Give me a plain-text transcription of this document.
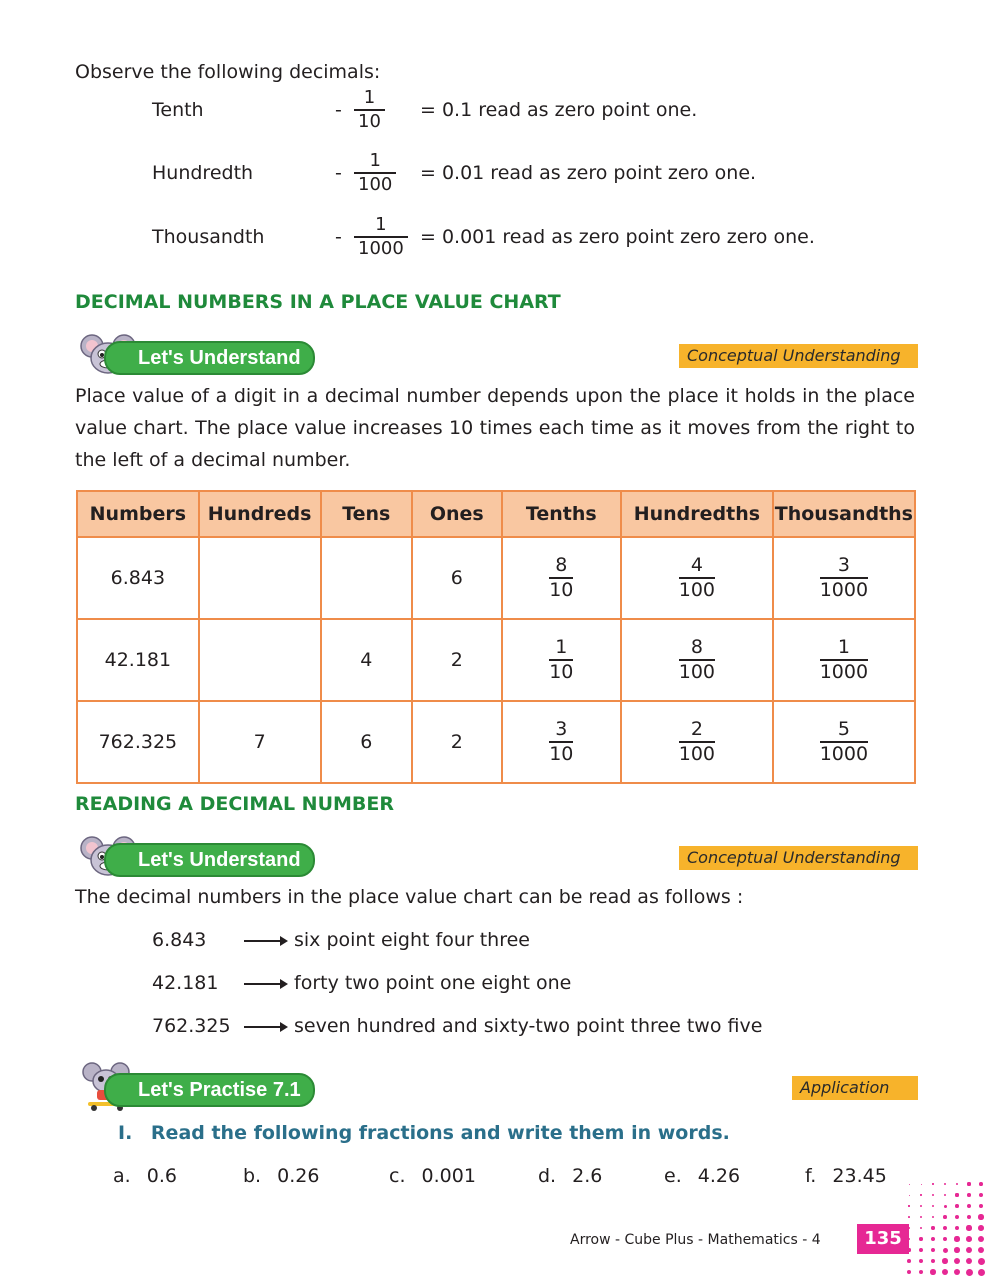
Observe the following decimals:
Tenth	-
1
10 = 0.1 read as zero point one.
Hundredth	-
1
100 = 0.01 read as zero point zero one.
Thousandth	-
1
1000 = 0.001 read as zero point zero zero one.
DECIMAL NUMBERS IN A PLACE VALUE CHART
Let's Understand	Conceptual Understanding
Place value of a digit in a decimal number depends upon the place it holds in the place value chart. The place value increases 10 times each time as it moves from the right to the left of a decimal number.
Numbers	Hundreds	Tens	Ones	Tenths	Hundredths	Thousandths
6.843			6	$\frac{8}{10}$	$\frac{4}{100}$	$\frac{3}{1000}$

42.181		4	2	$\frac{1}{10}$	$\frac{8}{100}$	$\frac{1}{1000}$

762.325	7	6	2	$\frac{3}{10}$	$\frac{2}{100}$	$\frac{5}{1000}$
READING A DECIMAL NUMBER
Let's Understand	Conceptual Understanding
The decimal numbers in the place value chart can be read as follows :
6.843	six point eight four three
42.181	forty two point one eight one
762.325	seven hundred and sixty-two point three two five
Let's Practise 7.1	Application
I. Read the following fractions and write them in words.
a. 0.6	b. 0.26	c. 0.001	d. 2.6	e. 4.26	f. 23.45
Arrow - Cube Plus - Mathematics - 4	135
